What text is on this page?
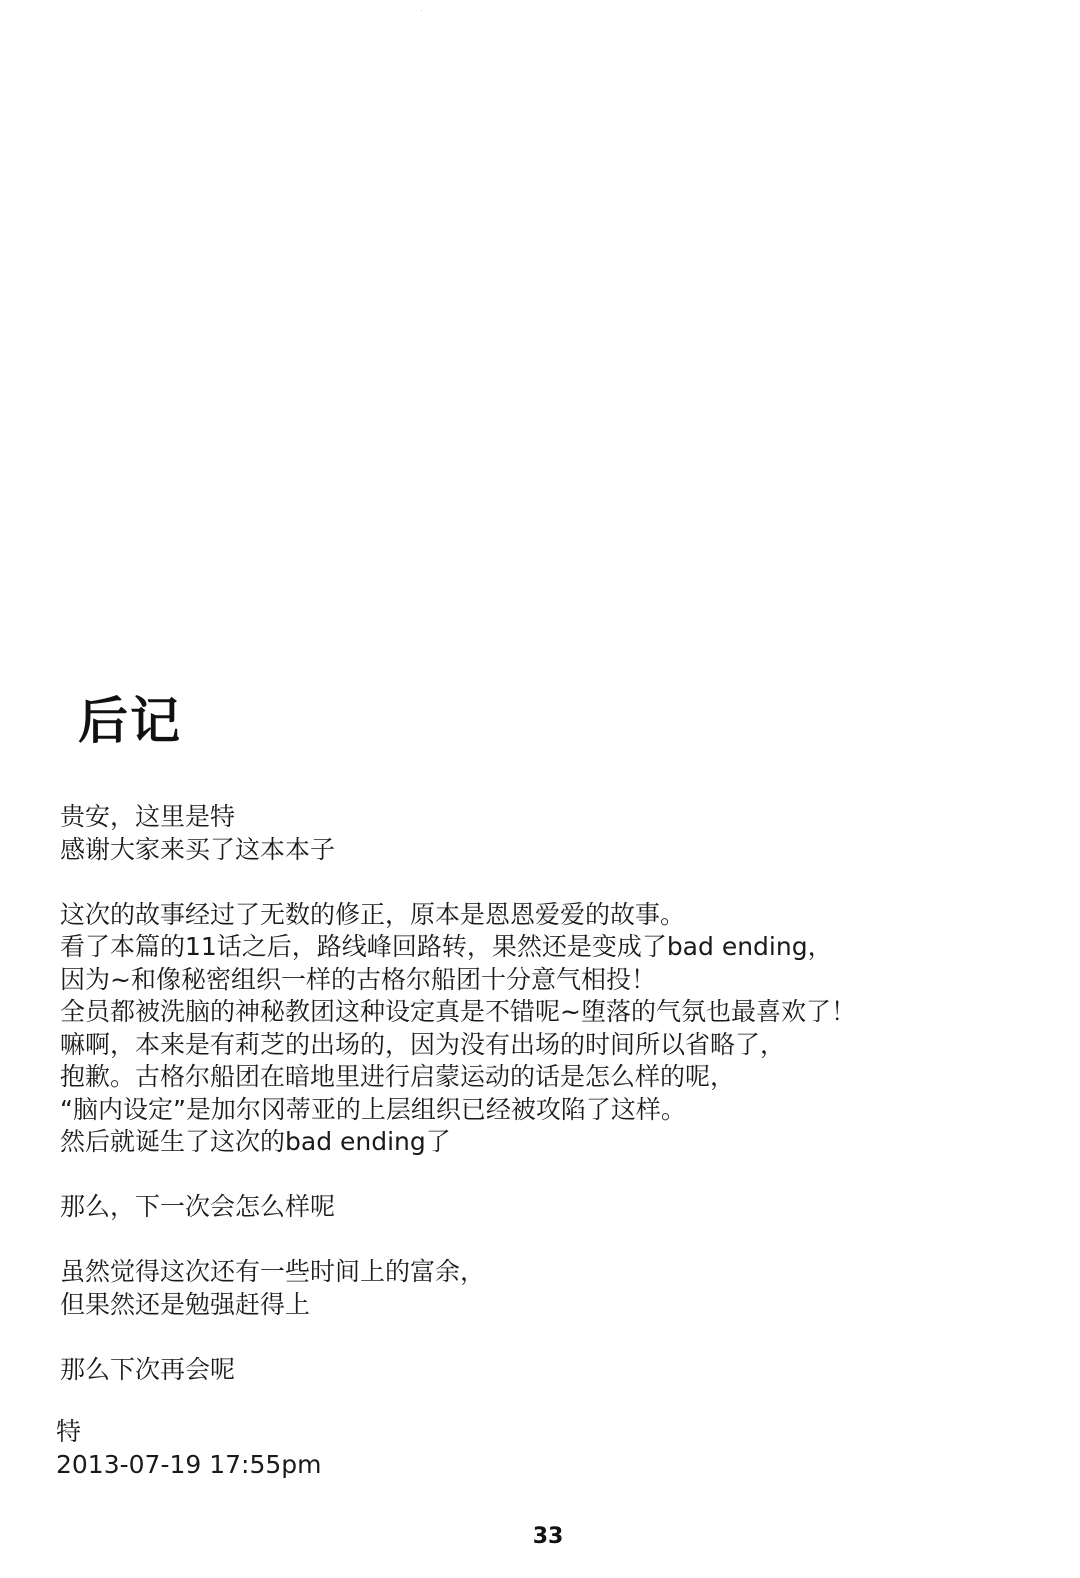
后记
贵安，这里是特
感谢大家来买了这本本子
这次的故事经过了无数的修正，原本是恩恩爱爱的故事。
看了本篇的11话之后，路线峰回路转，果然还是变成了bad ending，
因为~和像秘密组织一样的古格尔船团十分意气相投！
全员都被洗脑的神秘教团这种设定真是不错呢~堕落的气氛也最喜欢了！
嘛啊，本来是有莉芝的出场的，因为没有出场的时间所以省略了，
抱歉。古格尔船团在暗地里进行启蒙运动的话是怎么样的呢，
“脑内设定”是加尔冈蒂亚的上层组织已经被攻陷了这样。
然后就诞生了这次的bad ending了
那么，下一次会怎么样呢
虽然觉得这次还有一些时间上的富余，
但果然还是勉强赶得上
那么下次再会呢
特
2013-07-19 17:55pm
33
